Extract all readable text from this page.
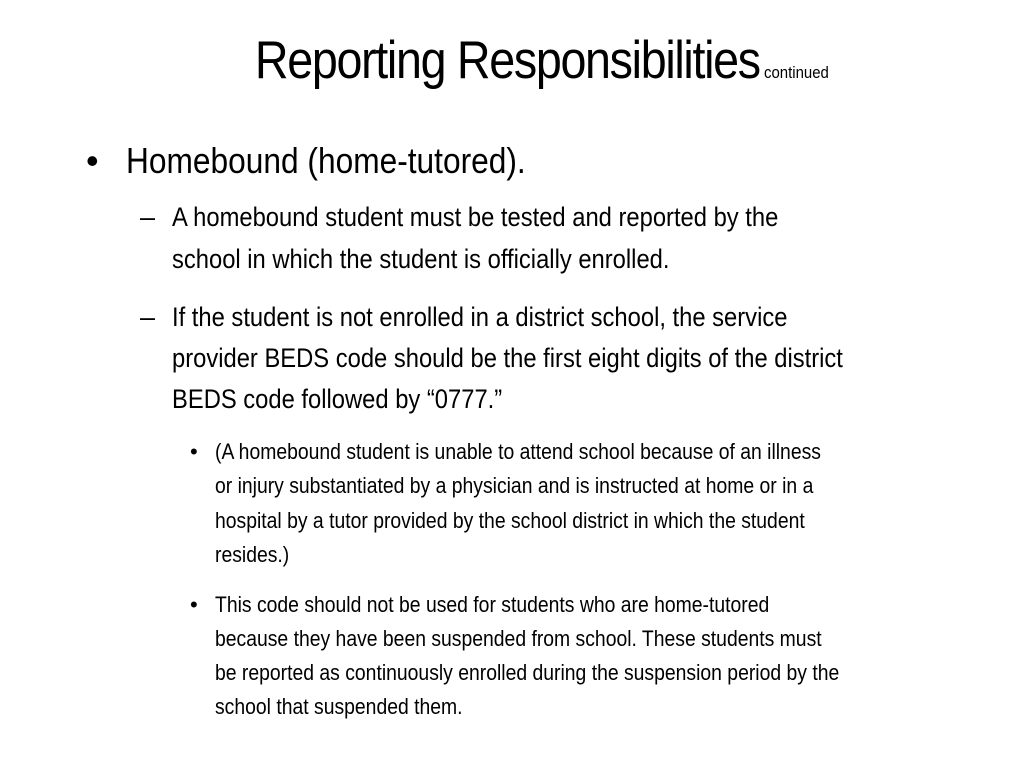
Reporting Responsibilities continued
• Homebound (home-tutored).
– A homebound student must be tested and reported by the
school in which the student is officially enrolled.
– If the student is not enrolled in a district school, the service
provider BEDS code should be the first eight digits of the district
BEDS code followed by “0777.”
• (A homebound student is unable to attend school because of an illness
or injury substantiated by a physician and is instructed at home or in a
hospital by a tutor provided by the school district in which the student
resides.)
• This code should not be used for students who are home-tutored
because they have been suspended from school. These students must
be reported as continuously enrolled during the suspension period by the
school that suspended them.
